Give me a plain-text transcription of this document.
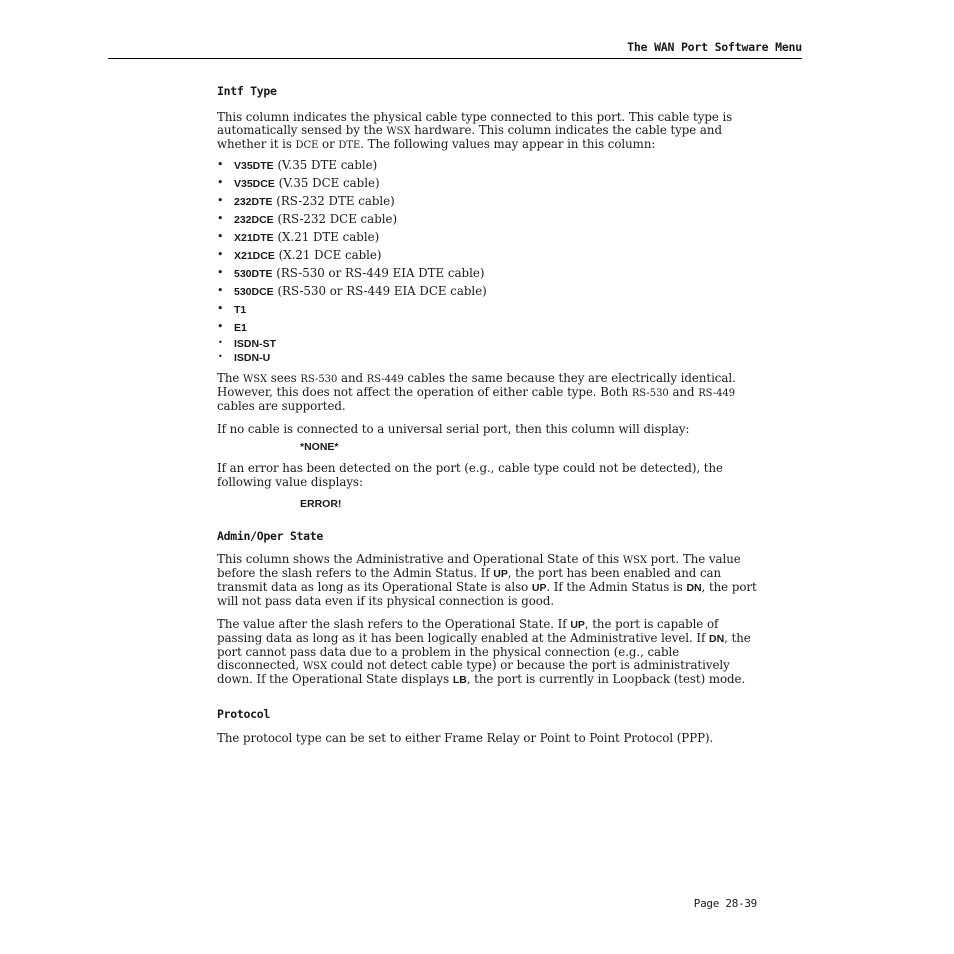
The WAN Port Software Menu
Intf Type

This column indicates the physical cable type connected to this port. This cable type is automatically sensed by the WSX hardware. This column indicates the cable type and whether it is DCE or DTE. The following values may appear in this column:

• V35DTE (V.35 DTE cable)
• V35DCE (V.35 DCE cable)
• 232DTE (RS-232 DTE cable)
• 232DCE (RS-232 DCE cable)
• X21DTE (X.21 DTE cable)
• X21DCE (X.21 DCE cable)
• 530DTE (RS-530 or RS-449 EIA DTE cable)
• 530DCE (RS-530 or RS-449 EIA DCE cable)
• T1
• E1
• ISDN-ST
• ISDN-U

The WSX sees RS-530 and RS-449 cables the same because they are electrically identical. However, this does not affect the operation of either cable type. Both RS-530 and RS-449 cables are supported.

If no cable is connected to a universal serial port, then this column will display:

*NONE*

If an error has been detected on the port (e.g., cable type could not be detected), the following value displays:

ERROR!
Admin/Oper State

This column shows the Administrative and Operational State of this WSX port. The value before the slash refers to the Admin Status. If UP, the port has been enabled and can transmit data as long as its Operational State is also UP. If the Admin Status is DN, the port will not pass data even if its physical connection is good.

The value after the slash refers to the Operational State. If UP, the port is capable of passing data as long as it has been logically enabled at the Administrative level. If DN, the port cannot pass data due to a problem in the physical connection (e.g., cable disconnected, WSX could not detect cable type) or because the port is administratively down. If the Operational State displays LB, the port is currently in Loopback (test) mode.

Protocol

The protocol type can be set to either Frame Relay or Point to Point Protocol (PPP).

Page 28-39
